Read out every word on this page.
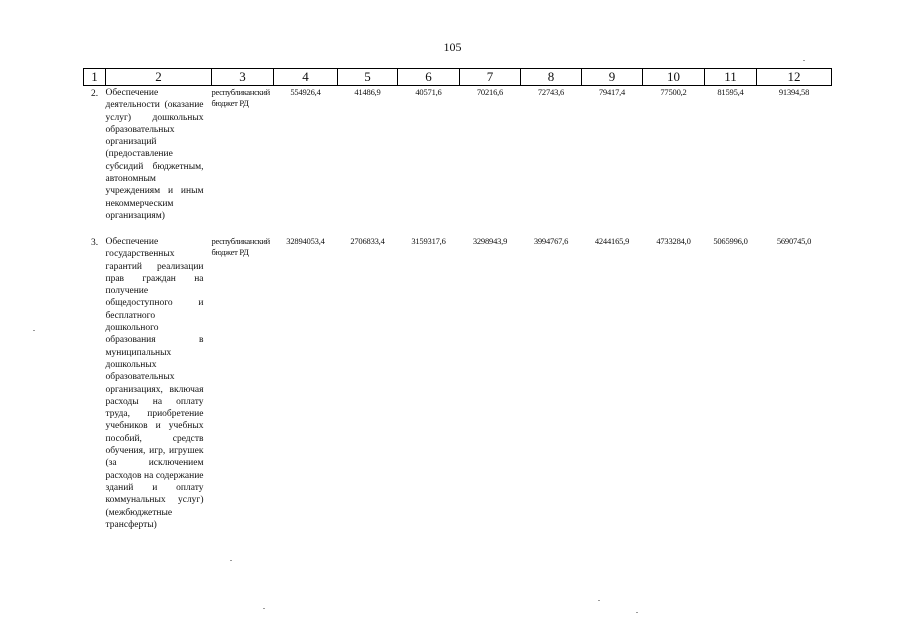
105
1	2	3	4	5	6	7	8	9	10	11	12
2.	Обеспечение деятельности (оказание услуг) дошкольных образовательных организаций (предоставление субсидий бюджетным, автономным учреждениям и иным некоммерческим организациям)	республиканский бюджет РД	554926,4	41486,9	40571,6	70216,6	72743,6	79417,4	77500,2	81595,4	91394,58
3.	Обеспечение государственных гарантий реализации прав граждан на получение общедоступного и бесплатного дошкольного образования в муниципальных дошкольных образовательных организациях, включая расходы на оплату труда, приобретение учебников и учебных пособий, средств обучения, игр, игрушек (за исключением расходов на содержание зданий и оплату коммунальных услуг) (межбюджетные трансферты)	республиканский бюджет РД	32894053,4	2706833,4	3159317,6	3298943,9	3994767,6	4244165,9	4733284,0	5065996,0	5690745,0
